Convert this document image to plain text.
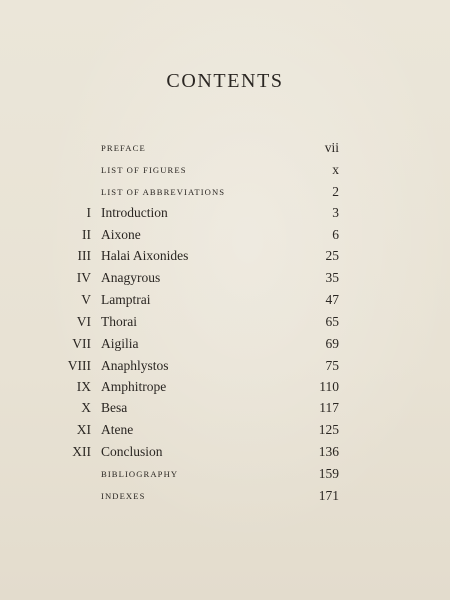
CONTENTS
PREFACE	vii
LIST OF FIGURES	x
LIST OF ABBREVIATIONS	2
I Introduction	3
II Aixone	6
III Halai Aixonides	25
IV Anagyrous	35
V Lamptrai	47
VI Thorai	65
VII Aigilia	69
VIII Anaphlystos	75
IX Amphitrope	110
X Besa	117
XI Atene	125
XII Conclusion	136
BIBLIOGRAPHY	159
INDEXES	171
